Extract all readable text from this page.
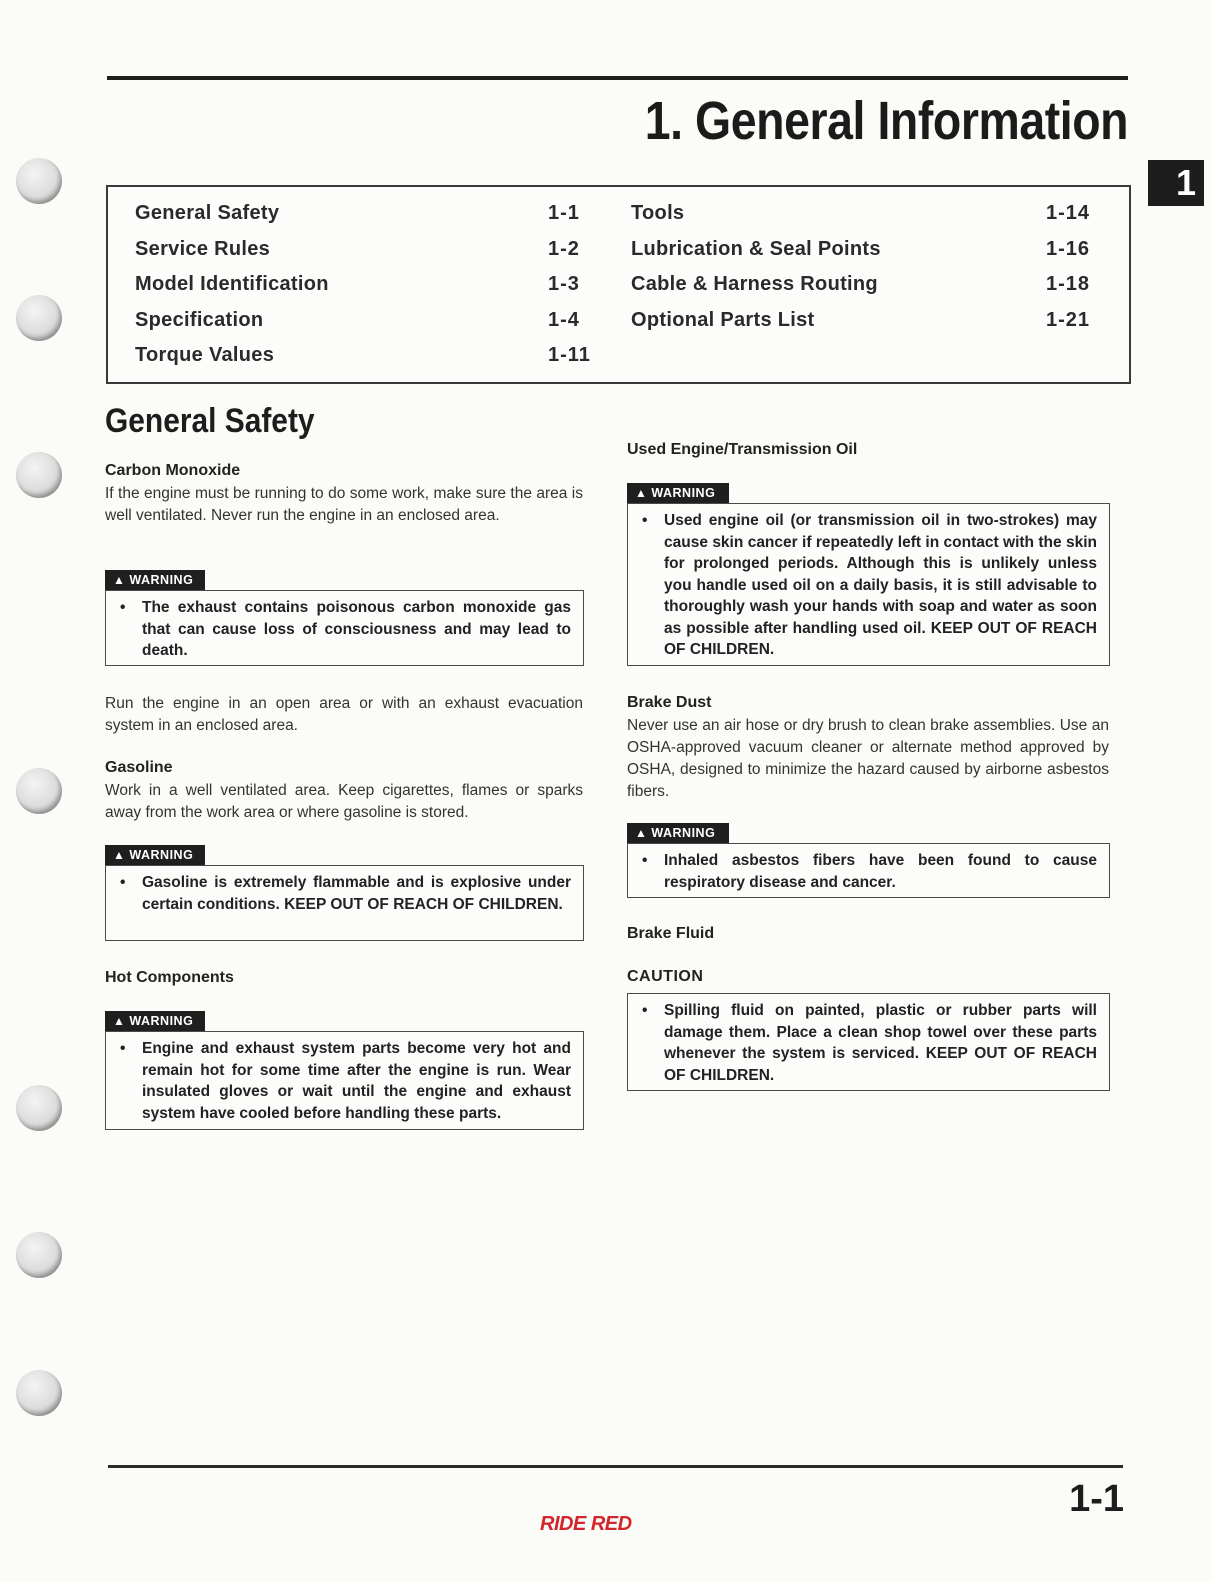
1. General Information
1
General Safety	1-1
Service Rules	1-2
Model Identification	1-3
Specification	1-4
Torque Values	1-11
Tools	1-14
Lubrication & Seal Points	1-16
Cable & Harness Routing	1-18
Optional Parts List	1-21
General Safety
Carbon Monoxide

If the engine must be running to do some work, make sure the area is well ventilated. Never run the engine in an enclosed area.

▲ WARNING
•	The exhaust contains poisonous carbon monoxide gas that can cause loss of consciousness and may lead to death.

Run the engine in an open area or with an exhaust evacuation system in an enclosed area.

Gasoline

Work in a well ventilated area. Keep cigarettes, flames or sparks away from the work area or where gasoline is stored.

▲ WARNING
•	Gasoline is extremely flammable and is explosive under certain conditions. KEEP OUT OF REACH OF CHILDREN.
Hot Components
▲ WARNING
•	Engine and exhaust system parts become very hot and remain hot for some time after the engine is run. Wear insulated gloves or wait until the engine and exhaust system have cooled before handling these parts.
Used Engine/Transmission Oil
▲ WARNING
•	Used engine oil (or transmission oil in two-strokes) may cause skin cancer if repeatedly left in contact with the skin for prolonged periods. Although this is unlikely unless you handle used oil on a daily basis, it is still advisable to thoroughly wash your hands with soap and water as soon as possible after handling used oil. KEEP OUT OF REACH OF CHILDREN.
Brake Dust

Never use an air hose or dry brush to clean brake assemblies. Use an OSHA-approved vacuum cleaner or alternate method approved by OSHA, designed to minimize the hazard caused by airborne asbestos fibers.

▲ WARNING
•	Inhaled asbestos fibers have been found to cause respiratory disease and cancer.
Brake Fluid
CAUTION
•	Spilling fluid on painted, plastic or rubber parts will damage them. Place a clean shop towel over these parts whenever the system is serviced. KEEP OUT OF REACH OF CHILDREN.
1-1
RIDE RED
